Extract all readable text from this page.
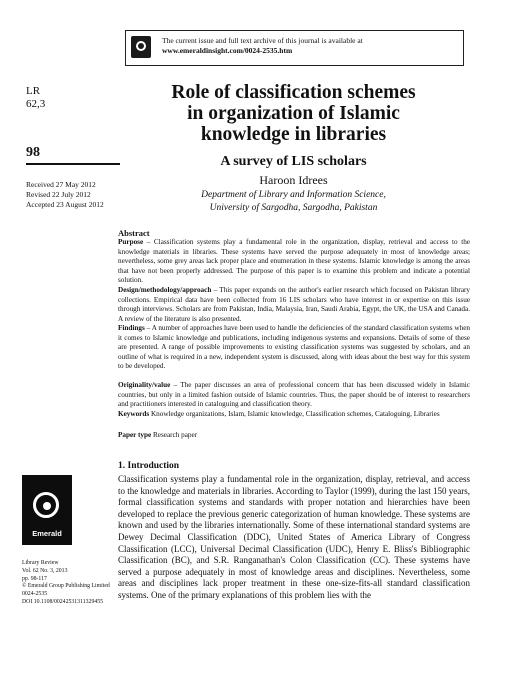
The current issue and full text archive of this journal is available at
www.emeraldinsight.com/0024-2535.htm
LR
62,3
98
Received 27 May 2012
Revised 22 July 2012
Accepted 23 August 2012
Role of classification schemes
in organization of Islamic
knowledge in libraries
A survey of LIS scholars
Haroon Idrees
Department of Library and Information Science,
University of Sargodha, Sargodha, Pakistan
Abstract

Purpose – Classification systems play a fundamental role in the organization, display, retrieval and access to the knowledge materials in libraries. These systems have served the purpose adequately in most of knowledge areas; nevertheless, some grey areas lack proper place and enumeration in these systems. Islamic knowledge is among the areas that have not been properly addressed. The purpose of this paper is to examine this problem and indicate a potential solution.

Design/methodology/approach – This paper expands on the author's earlier research which focused on Pakistan library collections. Empirical data have been collected from 16 LIS scholars who have interest in or expertise on this issue through interviews. Scholars are from Pakistan, India, Malaysia, Iran, Saudi Arabia, Egypt, the UK, the USA and Canada. A review of the literature is also presented.

Findings – A number of approaches have been used to handle the deficiencies of the standard classification systems when it comes to Islamic knowledge and publications, including indigenous systems and expansions. Details of some of these are presented. A range of possible improvements to existing classification systems was suggested by scholars, and an outline of what is required in a new, independent system is discussed, along with ideas about the best way for this system to be developed.

Originality/value – The paper discusses an area of professional concern that has been discussed widely in Islamic countries, but only in a limited fashion outside of Islamic countries. Thus, the paper should be of interest to researchers and practitioners interested in cataloguing and classification theory.

Keywords Knowledge organizations, Islam, Islamic knowledge, Classification schemes, Cataloguing, Libraries

Paper type Research paper

1. Introduction

Classification systems play a fundamental role in the organization, display, retrieval, and access to the knowledge and materials in libraries. According to Taylor (1999), during the last 150 years, formal classification systems and standards with proper notation and hierarchies have been developed to replace the previous generic categorization of human knowledge. These systems are known and used by the libraries internationally. Some of these international standard systems are Dewey Decimal Classification (DDC), United States of America Library of Congress Classification (LCC), Universal Decimal Classification (UDC), Henry E. Bliss's Bibliographic Classification (BC), and S.R. Ranganathan's Colon Classification (CC). These systems have served a purpose adequately in most of knowledge areas and disciplines. Nevertheless, some areas and disciplines lack proper treatment in these one-size-fits-all standard classification systems. One of the primary explanations of this problem lies with the

Emerald
Library Review
Vol. 62 No. 3, 2013
pp. 98-117
© Emerald Group Publishing Limited
0024-2535
DOI 10.1108/00242531311329455
